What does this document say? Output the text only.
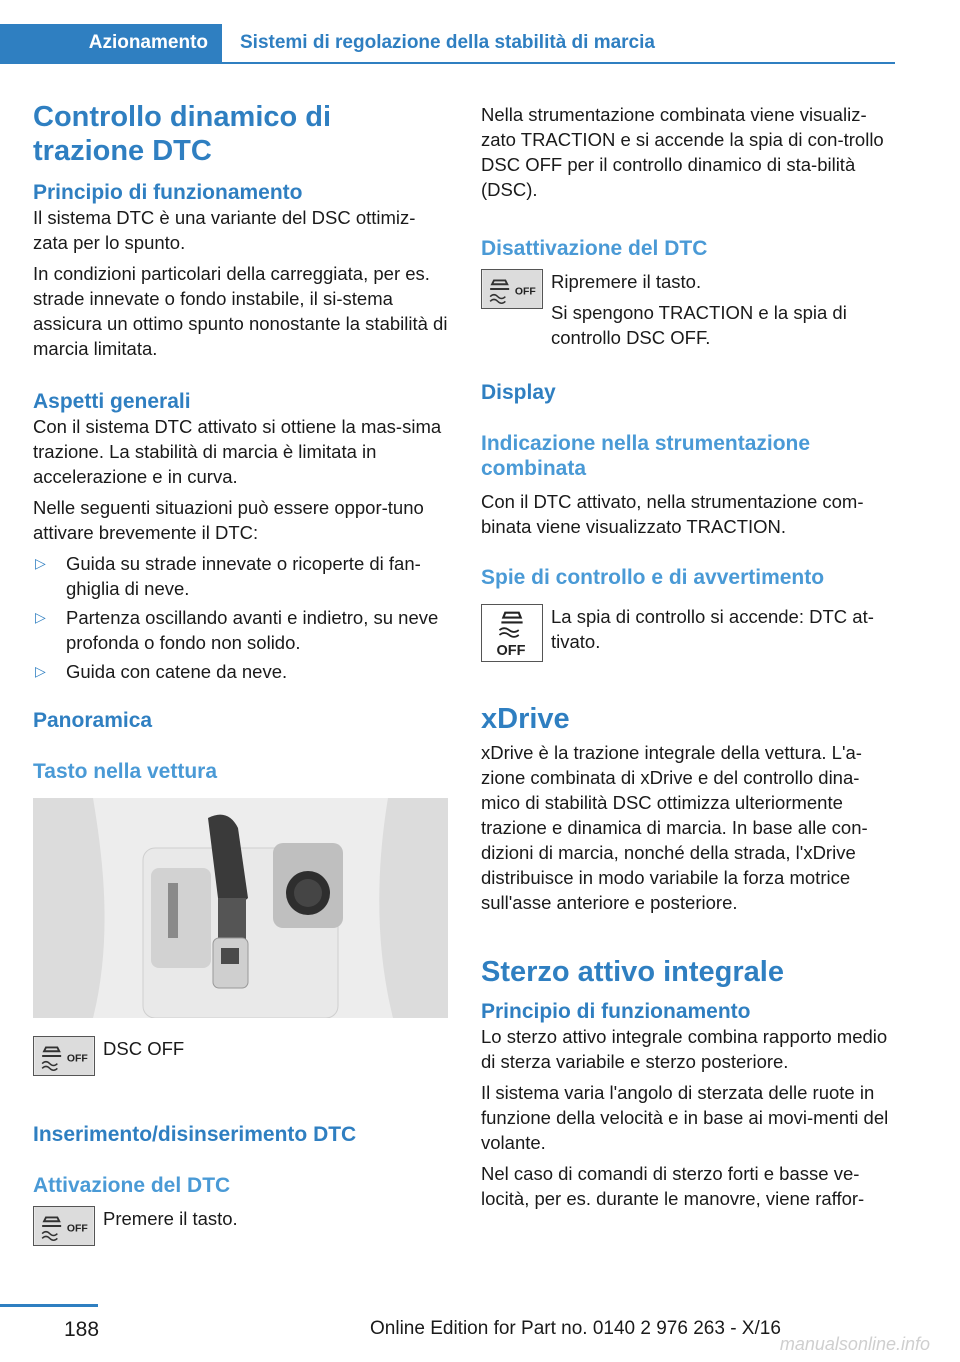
Azionamento	Sistemi di regolazione della stabilità di marcia
Controllo dinamico di trazione DTC
Principio di funzionamento

Il sistema DTC è una variante del DSC ottimiz-zata per lo spunto.

In condizioni particolari della carreggiata, per es. strade innevate o fondo instabile, il si-stema assicura un ottimo spunto nonostante la stabilità di marcia limitata.

Aspetti generali

Con il sistema DTC attivato si ottiene la mas-sima trazione. La stabilità di marcia è limitata in accelerazione e in curva.

Nelle seguenti situazioni può essere oppor-tuno attivare brevemente il DTC:

▷ Guida su strade innevate o ricoperte di fan-ghiglia di neve.
▷ Partenza oscillando avanti e indietro, su neve profonda o fondo non solido.
▷ Guida con catene da neve.
Panoramica
Tasto nella vettura
OFF

DSC OFF

Inserimento/disinserimento DTC
Attivazione del DTC
OFF

Premere il tasto.

Nella strumentazione combinata viene visualiz-zato TRACTION e si accende la spia di con-trollo DSC OFF per il controllo dinamico di sta-bilità (DSC).

Disattivazione del DTC
OFF

Ripremere il tasto.

Si spengono TRACTION e la spia di controllo DSC OFF.

Display
Indicazione nella strumentazione combinata

Con il DTC attivato, nella strumentazione com-binata viene visualizzato TRACTION.

Spie di controllo e di avvertimento
OFF

La spia di controllo si accende: DTC at-tivato.

xDrive

xDrive è la trazione integrale della vettura. L'a-zione combinata di xDrive e del controllo dina-mico di stabilità DSC ottimizza ulteriormente trazione e dinamica di marcia. In base alle con-dizioni di marcia, nonché della strada, l'xDrive distribuisce in modo variabile la forza motrice sull'asse anteriore e posteriore.

Sterzo attivo integrale
Principio di funzionamento

Lo sterzo attivo integrale combina rapporto medio di sterza variabile e sterzo posteriore.

Il sistema varia l'angolo di sterzata delle ruote in funzione della velocità e in base ai movi-menti del volante.

Nel caso di comandi di sterzo forti e basse ve-locità, per es. durante le manovre, viene raffor-

188	Online Edition for Part no. 0140 2 976 263 - X/16
manualsonline.info
